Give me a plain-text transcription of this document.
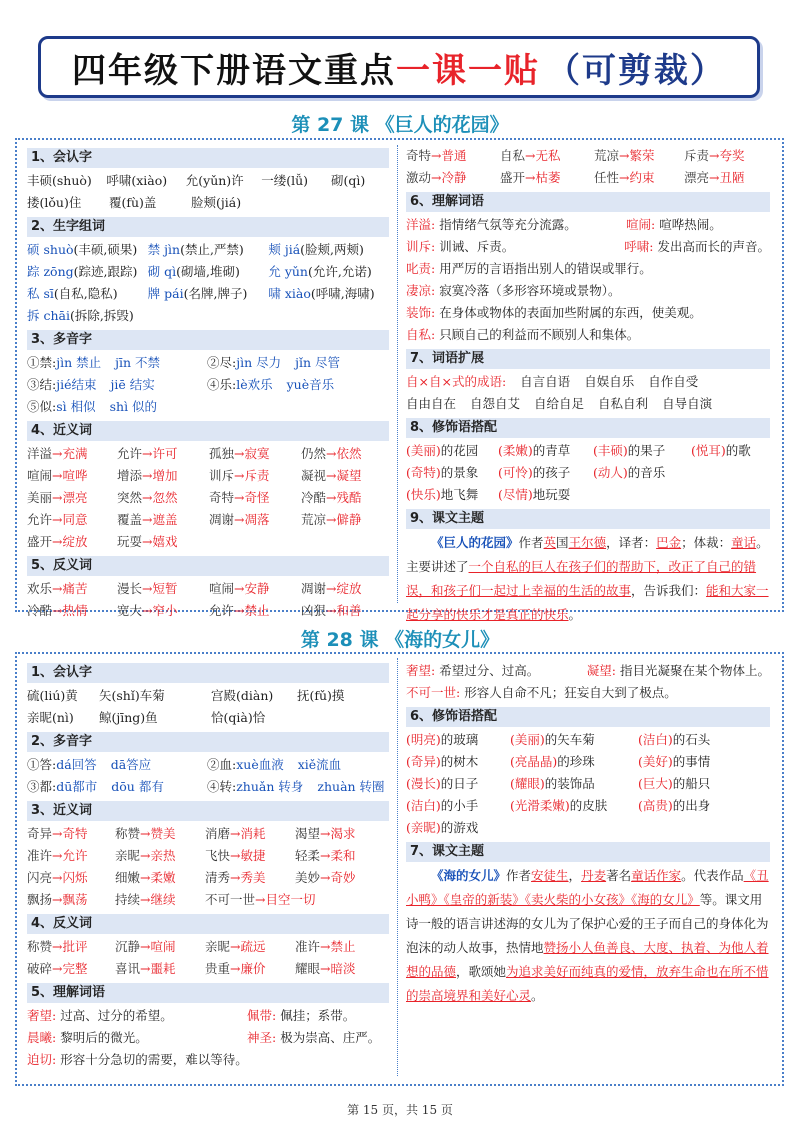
四年级下册语文重点 一课一贴 （可剪裁）
第 27 课 《巨人的花园》
1、会认字
丰硕(shuò)	呼啸(xiào)	允(yǔn)许	一缕(lǚ)	砌(qì)
搂(lǒu)住	覆(fù)盖	脸颊(jiá)
2、生字组词
硕 shuò(丰硕,硕果) 禁 jìn(禁止,严禁)	颊 jiá(脸颊,两颊)
踪 zōng(踪迹,跟踪) 砌 qì(砌墙,堆砌)	允 yǔn(允许,允诺)
私 sī(自私,隐私)	牌 pái(名牌,牌子)	啸 xiào(呼啸,海啸)
拆 chāi(拆除,拆毁)
3、多音字
①禁:jìn 禁止 jīn 不禁	②尽:jìn 尽力 jǐn 尽管
③结:jié结束 jiē 结实	④乐:lè欢乐 yuè音乐
⑤似:sì 相似 shì 似的
4、近义词
洋溢→充满	允许→许可	孤独→寂寞	仍然→依然
喧闹→喧哗	增添→增加	训斥→斥责	凝视→凝望
美丽→漂亮	突然→忽然	奇特→奇怪	冷酷→残酷
允许→同意	覆盖→遮盖	凋谢→凋落	荒凉→僻静
盛开→绽放	玩耍→嬉戏
5、反义词
欢乐→痛苦	漫长→短暂	喧闹→安静	凋谢→绽放
冷酷→热情	宽大→窄小	允许→禁止	凶狠→和善
奇特→普通	自私→无私	荒凉→繁荣	斥责→夸奖
激动→冷静	盛开→枯萎	任性→约束	漂亮→丑陋
6、理解词语
洋溢: 指情绪气氛等充分流露。	喧闹: 喧哗热闹。
训斥: 训诫、斥责。	呼啸: 发出高而长的声音。
叱责: 用严厉的言语指出别人的错误或罪行。
凄凉: 寂寞冷落（多形容环境或景物）。
装饰: 在身体或物体的表面加些附属的东西，使美观。
自私: 只顾自己的利益而不顾别人和集体。
7、词语扩展
自×自×式的成语: 自言自语 自娱自乐 自作自受
自由自在 自怨自艾 自给自足 自私自利 自导自演
8、修饰语搭配
(美丽)的花园	(柔嫩)的青草	(丰硕)的果子	(悦耳)的歌
(奇特)的景象	(可怜)的孩子	(动人)的音乐
(快乐)地飞舞	(尽情)地玩耍
9、课文主题
《巨人的花园》作者英国王尔德，译者：巴金；体裁：童话。主要讲述了一个自私的巨人在孩子们的帮助下，改正了自己的错误，和孩子们一起过上幸福的生活的故事，告诉我们：能和大家一起分享的快乐才是真正的快乐。
第 28 课 《海的女儿》
1、会认字
硫(liú)黄	矢(shǐ)车菊	宫殿(diàn)	抚(fǔ)摸
亲昵(nì)	鲸(jīng)鱼	恰(qià)恰
2、多音字
①答:dá回答 dā答应	②血:xuè血液 xiě流血
③都:dū都市 dōu 都有	④转:zhuǎn 转身 zhuàn 转圈
3、近义词
奇异→奇特	称赞→赞美	消磨→消耗	渴望→渴求
准许→允许	亲昵→亲热	飞快→敏捷	轻柔→柔和
闪亮→闪烁	细嫩→柔嫩	清秀→秀美	美妙→奇妙
飘扬→飘荡	持续→继续	不可一世→目空一切
4、反义词
称赞→批评	沉静→喧闹	亲昵→疏远	准许→禁止
破碎→完整	喜讯→噩耗	贵重→廉价	耀眼→暗淡
5、理解词语
奢望: 过高、过分的希望。	佩带: 佩挂；系带。
晨曦: 黎明后的微光。	神圣: 极为崇高、庄严。
迫切: 形容十分急切的需要，难以等待。
奢望: 希望过分、过高。	凝望: 指目光凝聚在某个物体上。
不可一世: 形容人自命不凡；狂妄自大到了极点。
6、修饰语搭配
(明亮)的玻璃	(美丽)的矢车菊	(洁白)的石头
(奇异)的树木	(亮晶晶)的珍珠	(美好)的事情
(漫长)的日子	(耀眼)的装饰品	(巨大)的船只
(洁白)的小手	(光滑柔嫩)的皮肤	(高贵)的出身
(亲昵)的游戏
7、课文主题
《海的女儿》作者安徒生，丹麦著名童话作家。代表作品《丑小鸭》《皇帝的新装》《卖火柴的小女孩》《海的女儿》等。课文用诗一般的语言讲述海的女儿为了保护心爱的王子而自己的身体化为泡沫的动人故事，热情地赞扬小人鱼善良、大度、执着、为他人着想的品德，歌颂她为追求美好而纯真的爱情，放弃生命也在所不惜的崇高境界和美好心灵。
第 15 页，共 15 页
